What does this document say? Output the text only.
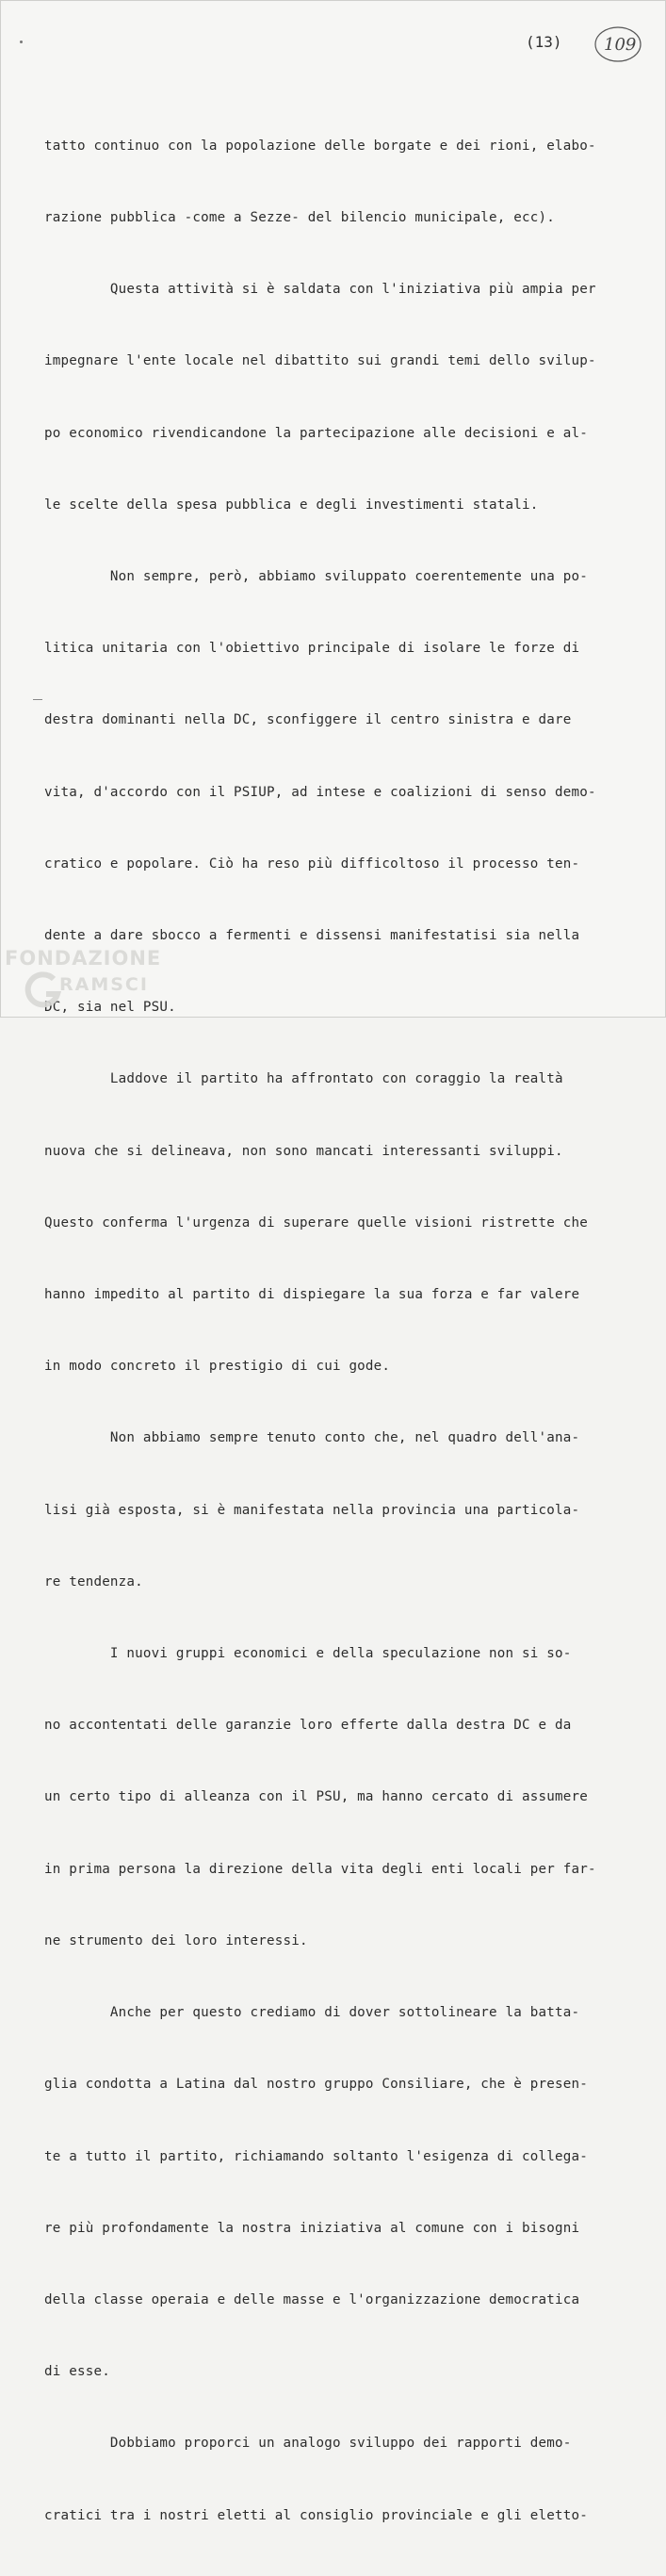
(13) 109

tatto continuo con la popolazione delle borgate e dei rioni, elabo-

razione pubblica -come a Sezze- del bilencio municipale, ecc).

Questa attività si è saldata con l'iniziativa più ampia per

impegnare l'ente locale nel dibattito sui grandi temi dello svilup-

po economico rivendicandone la partecipazione alle decisioni e al-

le scelte della spesa pubblica e degli investimenti statali.

Non sempre, però, abbiamo sviluppato coerentemente una po-

litica unitaria con l'obiettivo principale di isolare le forze di

destra dominanti nella DC, sconfiggere il centro sinistra e dare

vita, d'accordo con il PSIUP, ad intese e coalizioni di senso demo-

cratico e popolare. Ciò ha reso più difficoltoso il processo ten-

dente a dare sbocco a fermenti e dissensi manifestatisi sia nella

DC, sia nel PSU.

Laddove il partito ha affrontato con coraggio la realtà

nuova che si delineava, non sono mancati interessanti sviluppi.

Questo conferma l'urgenza di superare quelle visioni ristrette che

hanno impedito al partito di dispiegare la sua forza e far valere

in modo concreto il prestigio di cui gode.

Non abbiamo sempre tenuto conto che, nel quadro dell'ana-

lisi già esposta, si è manifestata nella provincia una particola-

re tendenza.

I nuovi gruppi economici e della speculazione non si so-

no accontentati delle garanzie loro efferte dalla destra DC e da

un certo tipo di alleanza con il PSU, ma hanno cercato di assumere

in prima persona la direzione della vita degli enti locali per far-

ne strumento dei loro interessi.

Anche per questo crediamo di dover sottolineare la batta-

glia condotta a Latina dal nostro gruppo Consiliare, che è presen-

te a tutto il partito, richiamando soltanto l'esigenza di collega-

re più profondamente la nostra iniziativa al comune con i bisogni

della classe operaia e delle masse e l'organizzazione democratica

di esse.

Dobbiamo proporci un analogo sviluppo dei rapporti demo-

cratici tra i nostri eletti al consiglio provinciale e gli eletto-

FONDAZIONE
RAMSCI
